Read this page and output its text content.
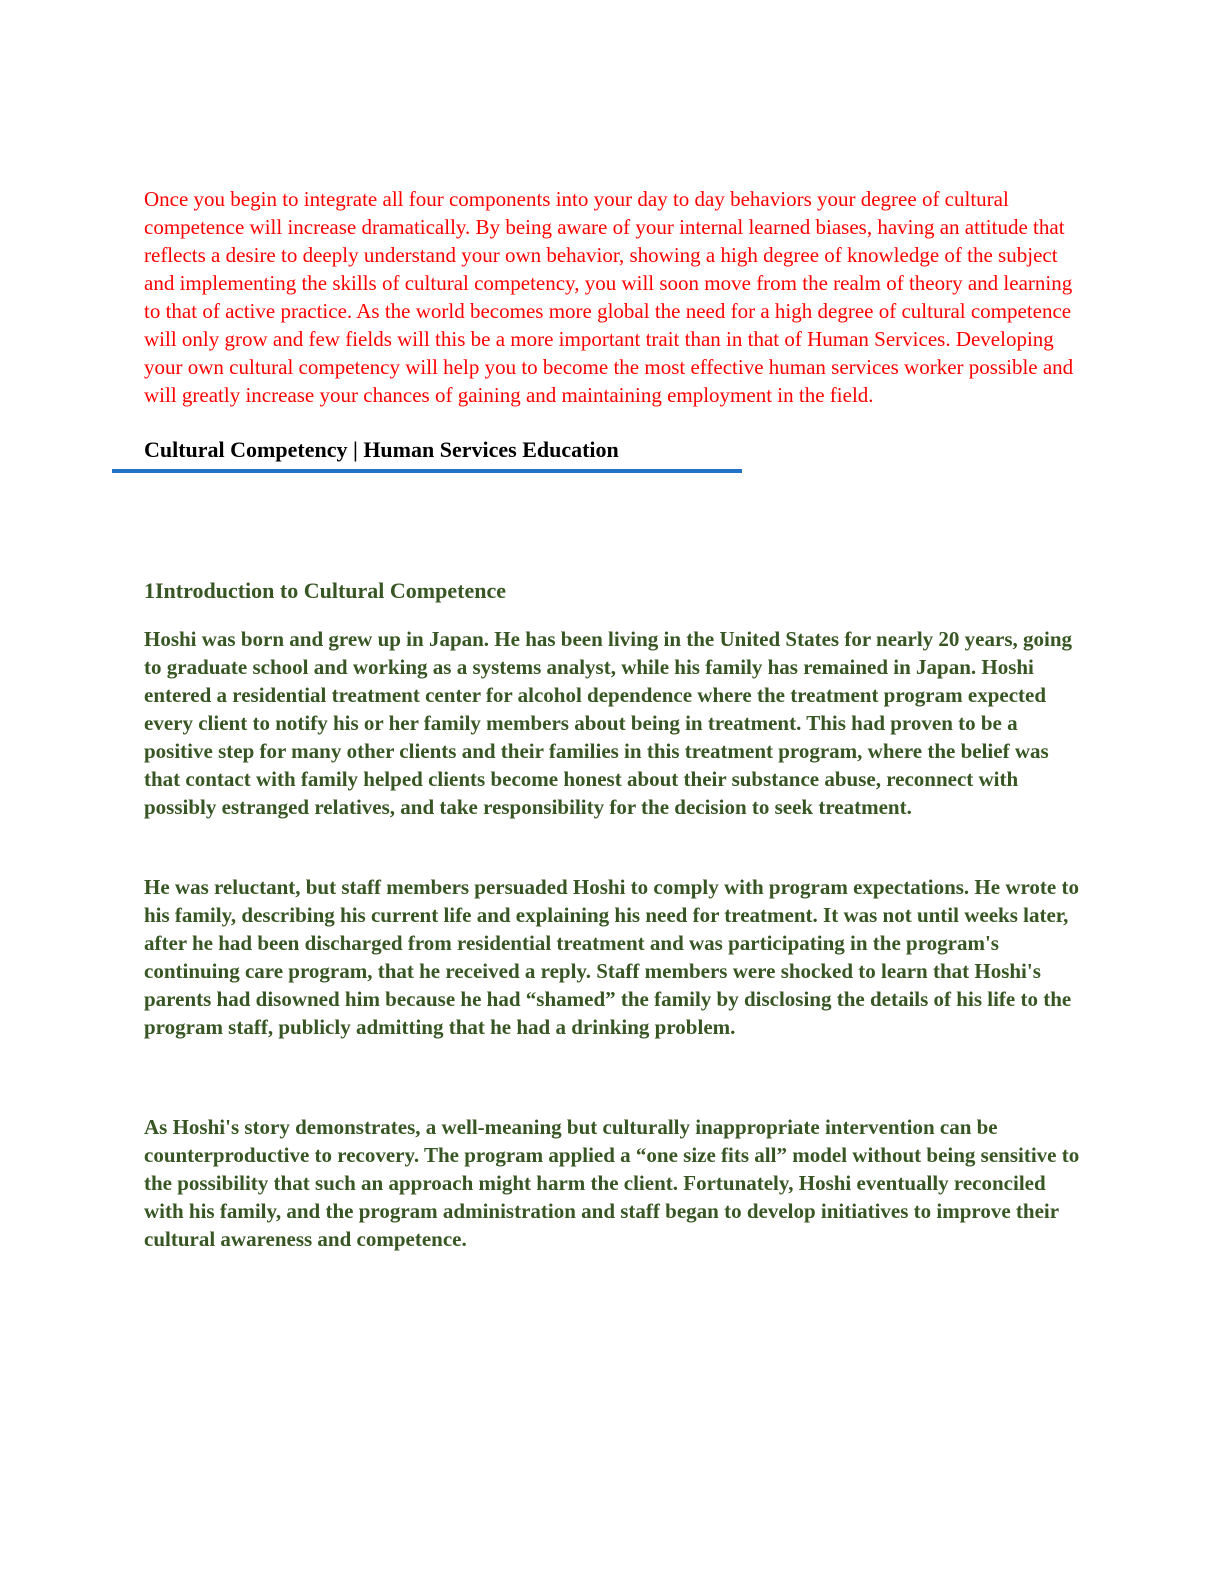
Once you begin to integrate all four components into your day to day behaviors your degree of cultural competence will increase dramatically. By being aware of your internal learned biases, having an attitude that reflects a desire to deeply understand your own behavior, showing a high degree of knowledge of the subject and implementing the skills of cultural competency, you will soon move from the realm of theory and learning to that of active practice. As the world becomes more global the need for a high degree of cultural competence will only grow and few fields will this be a more important trait than in that of Human Services. Developing your own cultural competency will help you to become the most effective human services worker possible and will greatly increase your chances of gaining and maintaining employment in the field.

Cultural Competency | Human Services Education
1Introduction to Cultural Competence

Hoshi was born and grew up in Japan. He has been living in the United States for nearly 20 years, going to graduate school and working as a systems analyst, while his family has remained in Japan. Hoshi entered a residential treatment center for alcohol dependence where the treatment program expected every client to notify his or her family members about being in treatment. This had proven to be a positive step for many other clients and their families in this treatment program, where the belief was that contact with family helped clients become honest about their substance abuse, reconnect with possibly estranged relatives, and take responsibility for the decision to seek treatment.

He was reluctant, but staff members persuaded Hoshi to comply with program expectations. He wrote to his family, describing his current life and explaining his need for treatment. It was not until weeks later, after he had been discharged from residential treatment and was participating in the program's continuing care program, that he received a reply. Staff members were shocked to learn that Hoshi's parents had disowned him because he had “shamed” the family by disclosing the details of his life to the program staff, publicly admitting that he had a drinking problem.

As Hoshi's story demonstrates, a well-meaning but culturally inappropriate intervention can be counterproductive to recovery. The program applied a “one size fits all” model without being sensitive to the possibility that such an approach might harm the client. Fortunately, Hoshi eventually reconciled with his family, and the program administration and staff began to develop initiatives to improve their cultural awareness and competence.
